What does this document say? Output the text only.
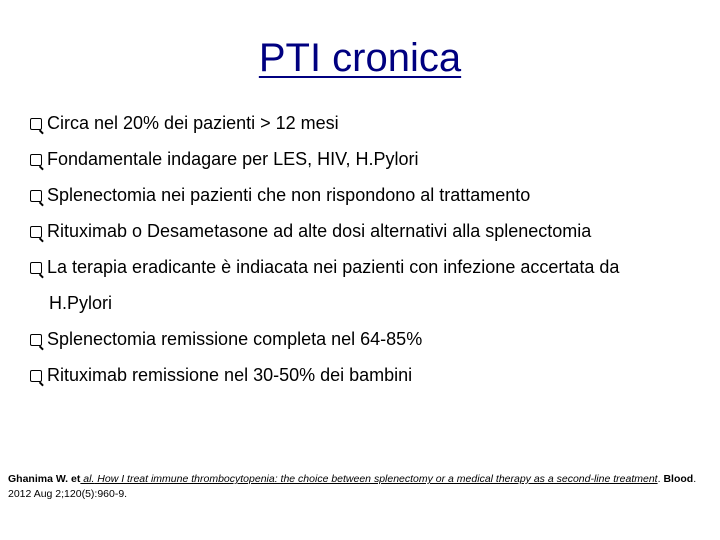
PTI cronica
Circa nel 20% dei pazienti > 12 mesi
Fondamentale indagare per LES, HIV, H.Pylori
Splenectomia nei pazienti che non rispondono al trattamento
Rituximab o Desametasone ad alte dosi alternativi alla splenectomia
La terapia eradicante è indiacata nei pazienti con infezione accertata da
H.Pylori
Splenectomia remissione completa nel 64-85%
Rituximab remissione nel 30-50% dei bambini
Ghanima W. et al. How I treat immune thrombocytopenia: the choice between splenectomy or a medical therapy as a second-line treatment. Blood. 2012 Aug 2;120(5):960-9.
